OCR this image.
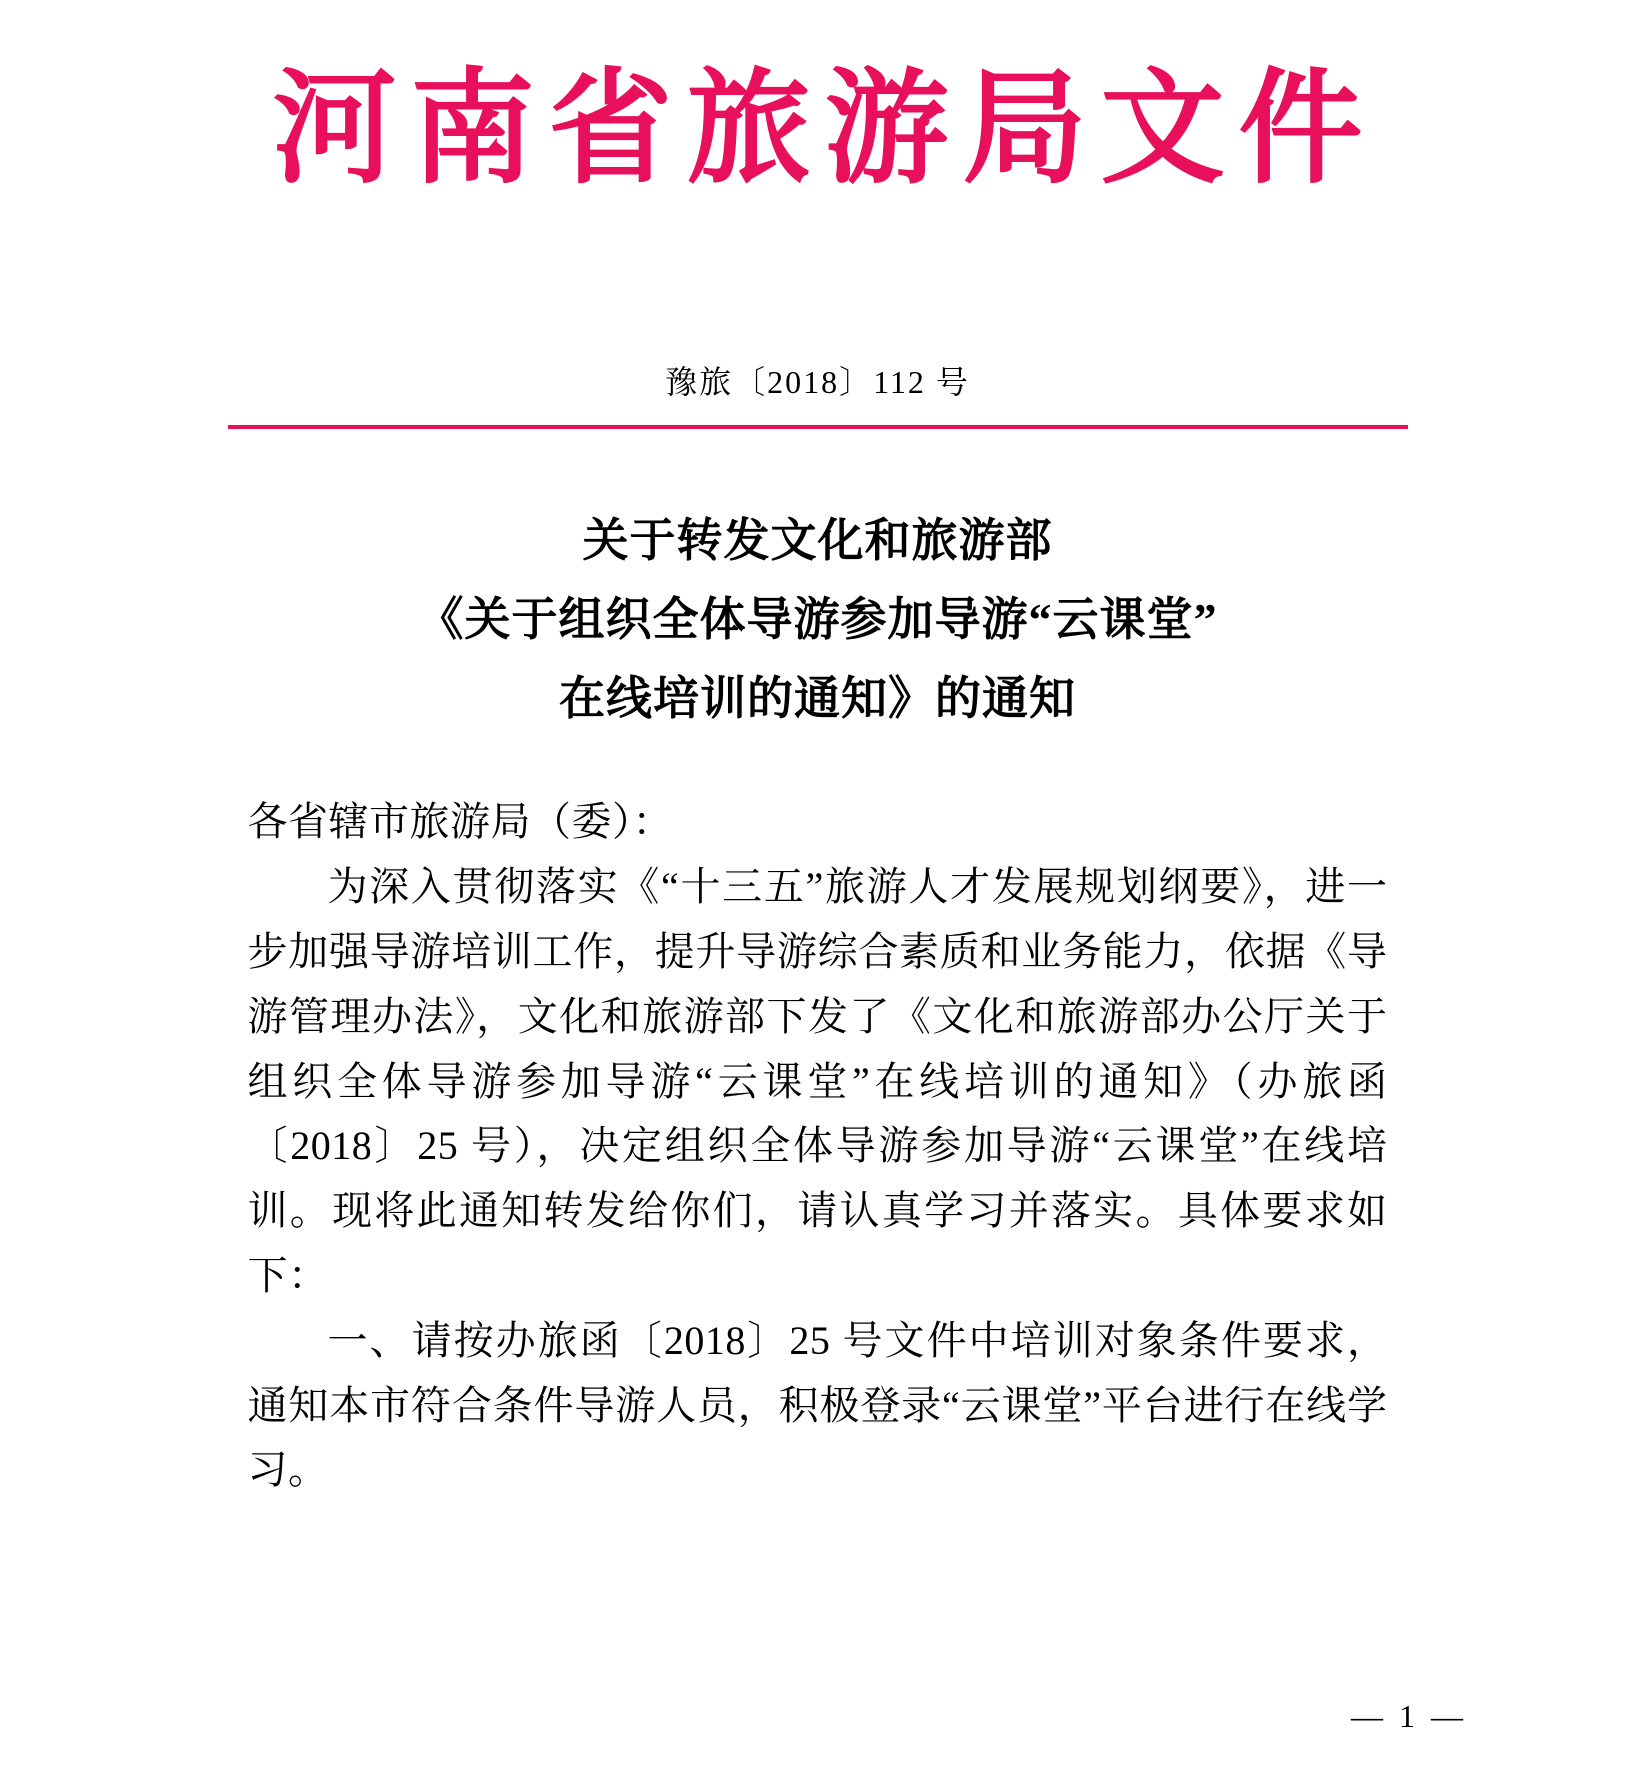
河南省旅游局文件
豫旅〔2018〕112 号
关于转发文化和旅游部
《关于组织全体导游参加导游“云课堂”
在线培训的通知》的通知

各省辖市旅游局（委）：

为深入贯彻落实《“十三五”旅游人才发展规划纲要》，进一步加强导游培训工作，提升导游综合素质和业务能力，依据《导游管理办法》，文化和旅游部下发了《文化和旅游部办公厅关于组织全体导游参加导游“云课堂”在线培训的通知》（办旅函〔2018〕25 号），决定组织全体导游参加导游“云课堂”在线培训。现将此通知转发给你们，请认真学习并落实。具体要求如下：

一、请按办旅函〔2018〕25 号文件中培训对象条件要求，通知本市符合条件导游人员，积极登录“云课堂”平台进行在线学习。

— 1 —
